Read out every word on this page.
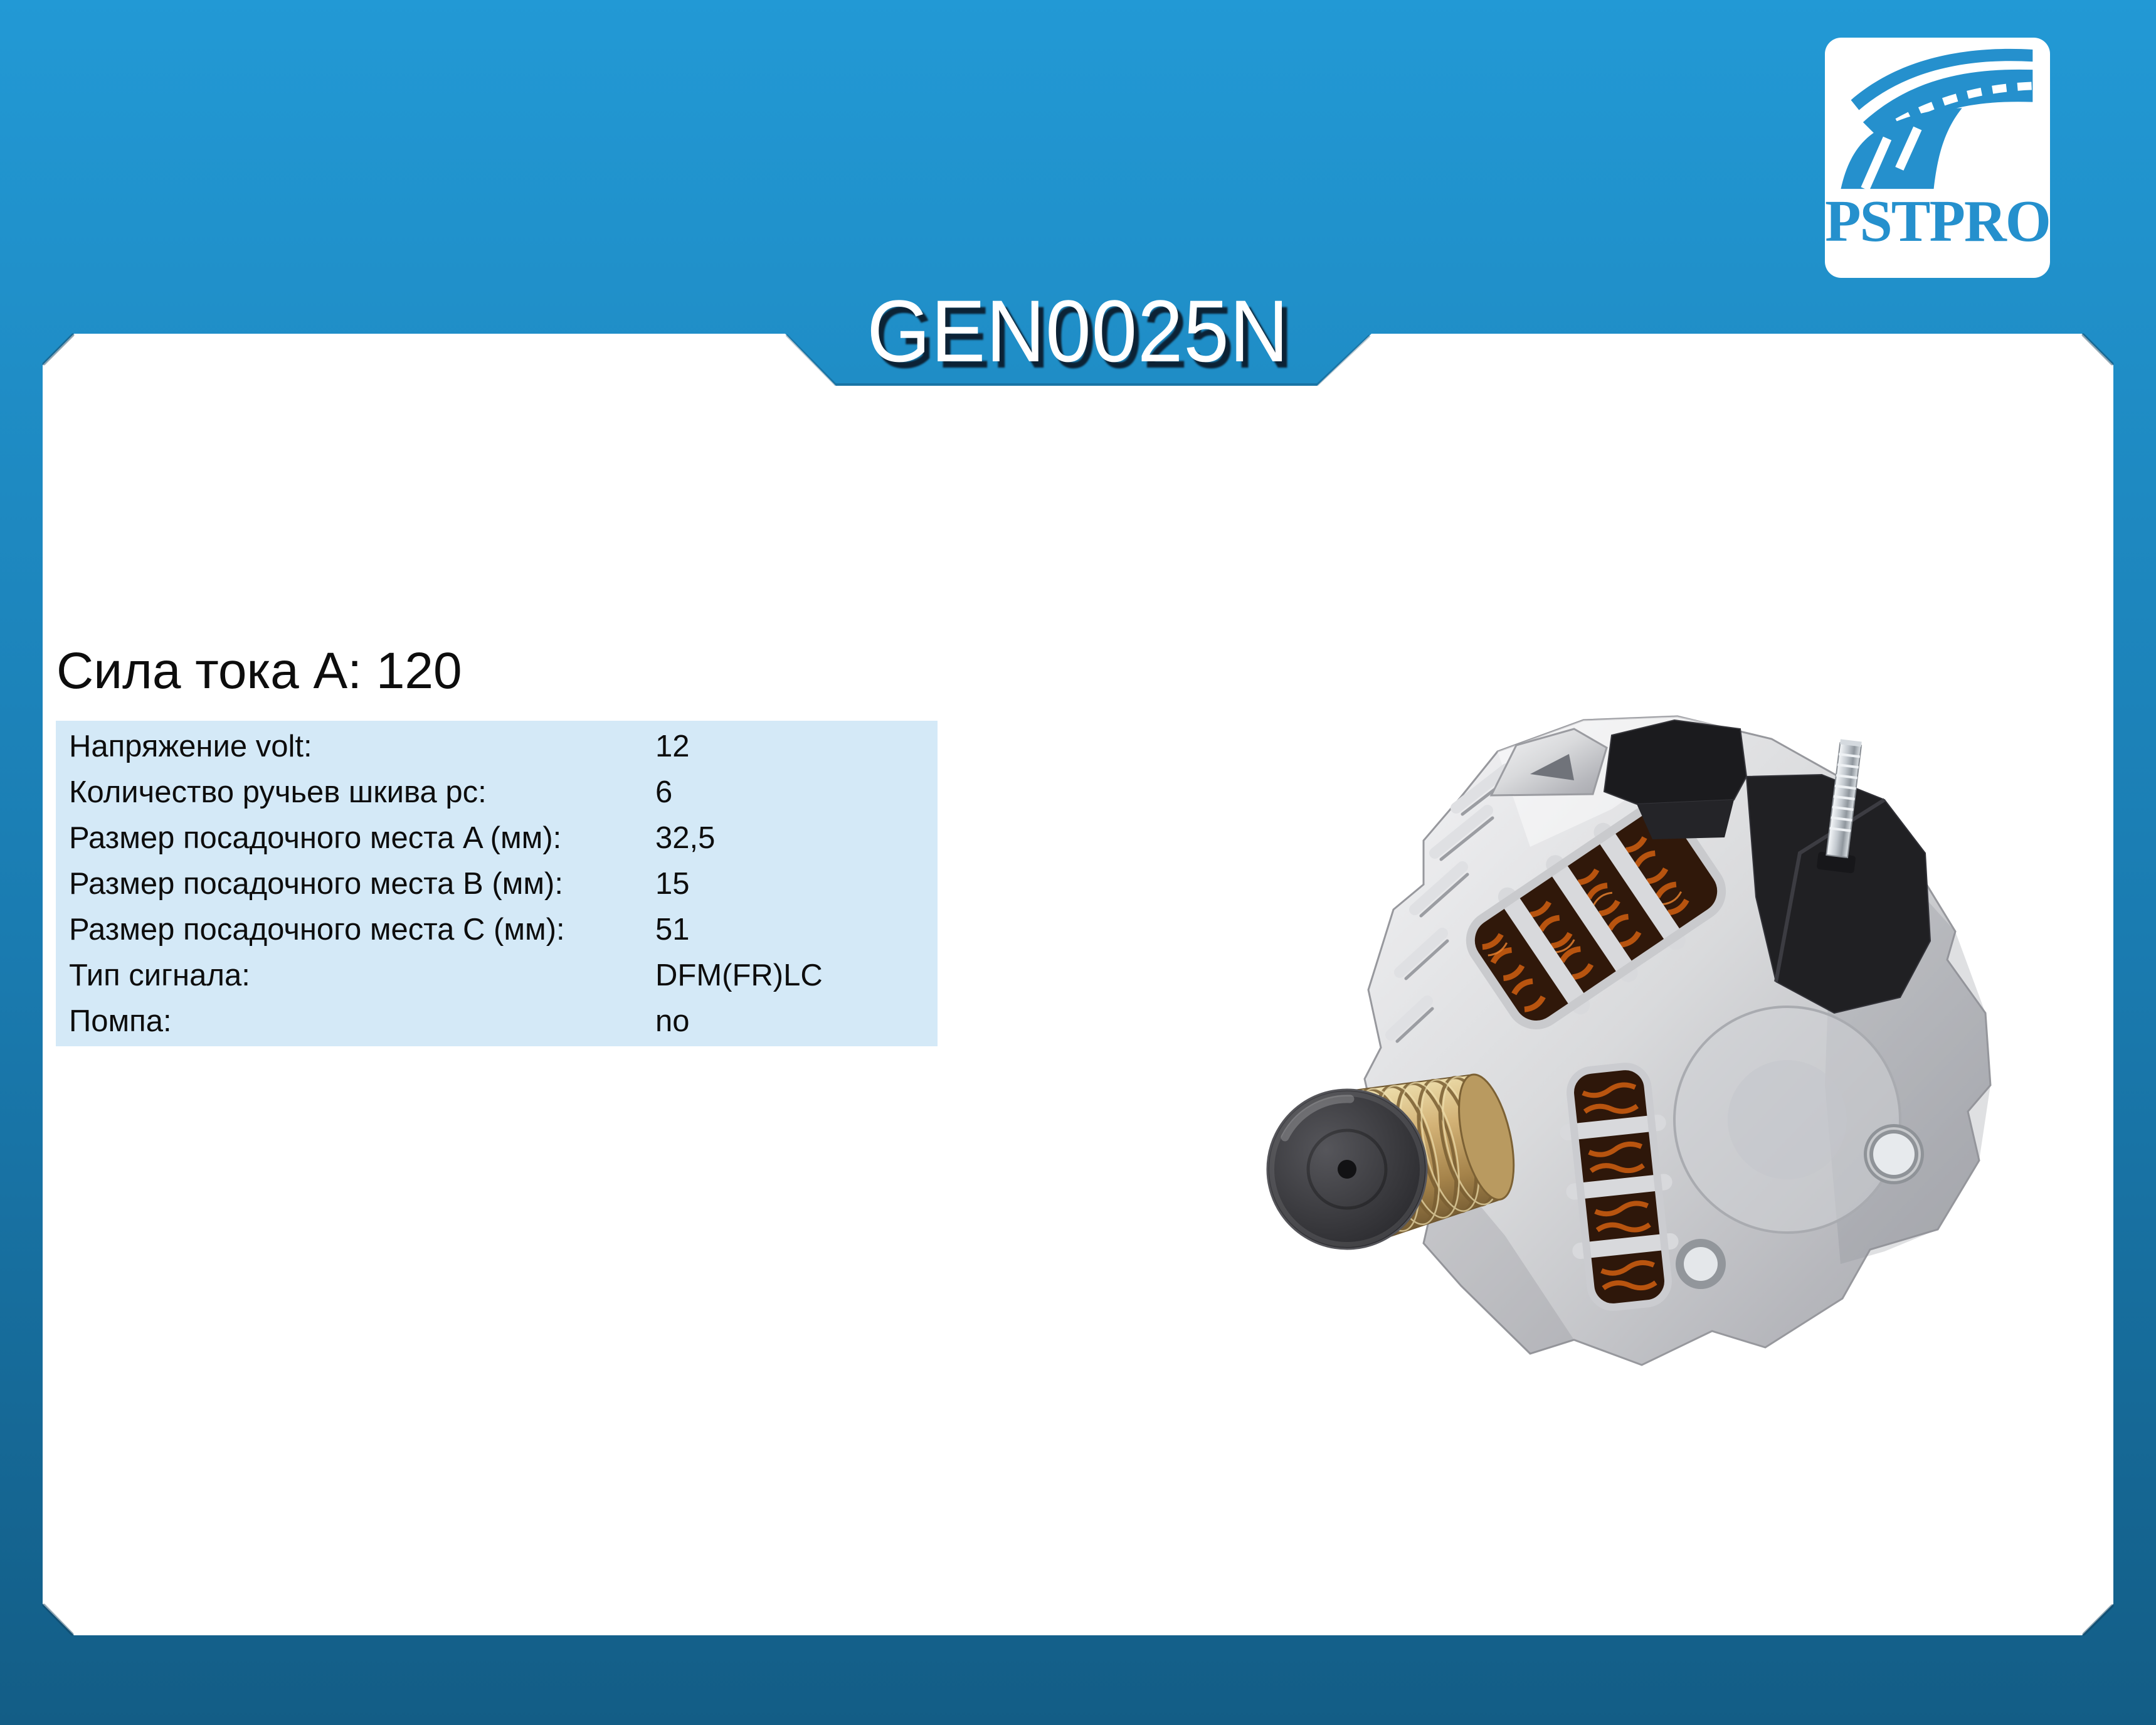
GEN0025N
PSTPRO
Сила тока A: 120
Напряжение volt:	12
Количество ручьев шкива pc:	6
Размер посадочного места A (мм):	32,5
Размер посадочного места B (мм):	15
Размер посадочного места C (мм):	51
Тип сигнала:	DFM(FR)LC
Помпа:	no
